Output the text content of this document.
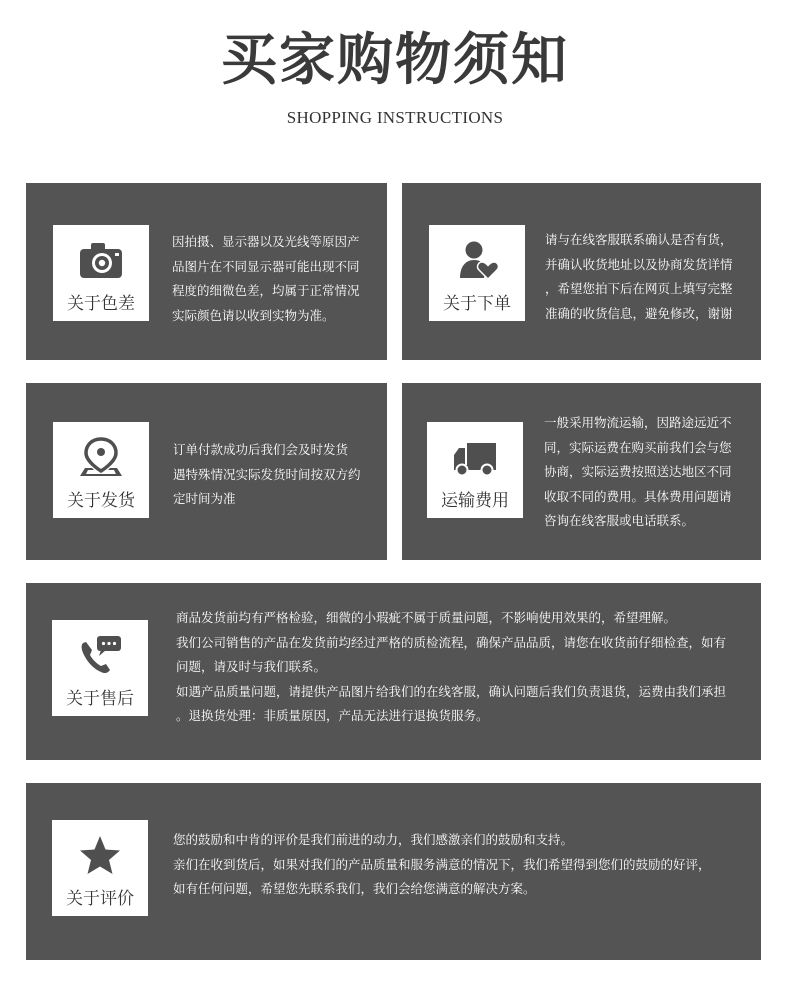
买家购物须知
SHOPPING INSTRUCTIONS
关于色差

因拍摄、显示器以及光线等原因产

品图片在不同显示器可能出现不同

程度的细微色差，均属于正常情况

实际颜色请以收到实物为准。

关于下单

请与在线客服联系确认是否有货，

并确认收货地址以及协商发货详情

，希望您拍下后在网页上填写完整

准确的收货信息，避免修改，谢谢

关于发货

订单付款成功后我们会及时发货

遇特殊情况实际发货时间按双方约

定时间为准	运输费用

一般采用物流运输，因路途远近不

同，实际运费在购买前我们会与您

协商，实际运费按照送达地区不同

收取不同的费用。具体费用问题请

咨询在线客服或电话联系。

关于售后

商品发货前均有严格检验，细微的小瑕疵不属于质量问题，不影响使用效果的，希望理解。

我们公司销售的产品在发货前均经过严格的质检流程，确保产品品质，请您在收货前仔细检查，如有

问题，请及时与我们联系。

如遇产品质量问题，请提供产品图片给我们的在线客服，确认问题后我们负责退货，运费由我们承担

。退换货处理：非质量原因，产品无法进行退换货服务。

关于评价

您的鼓励和中肯的评价是我们前进的动力，我们感激亲们的鼓励和支持。

亲们在收到货后，如果对我们的产品质量和服务满意的情况下，我们希望得到您们的鼓励的好评，

如有任何问题，希望您先联系我们，我们会给您满意的解决方案。
